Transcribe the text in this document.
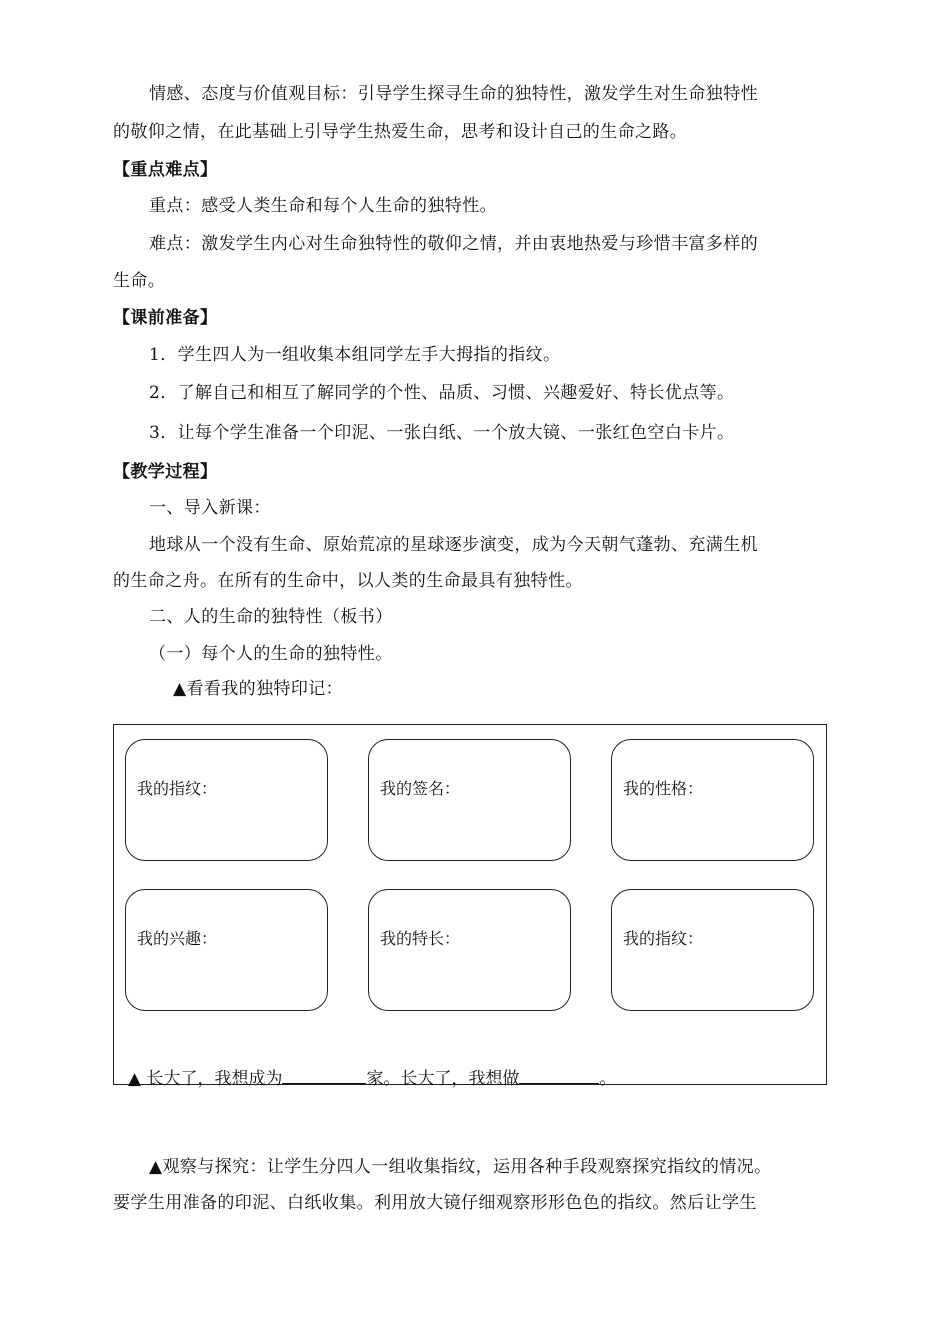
情感、态度与价值观目标：引导学生探寻生命的独特性，激发学生对生命独特性
的敬仰之情，在此基础上引导学生热爱生命，思考和设计自己的生命之路。
【重点难点】
重点：感受人类生命和每个人生命的独特性。
难点：激发学生内心对生命独特性的敬仰之情，并由衷地热爱与珍惜丰富多样的
生命。
【课前准备】
1．学生四人为一组收集本组同学左手大拇指的指纹。
2．了解自己和相互了解同学的个性、品质、习惯、兴趣爱好、特长优点等。
3．让每个学生准备一个印泥、一张白纸、一个放大镜、一张红色空白卡片。
【教学过程】
一、导入新课：
地球从一个没有生命、原始荒凉的星球逐步演变，成为今天朝气蓬勃、充满生机
的生命之舟。在所有的生命中，以人类的生命最具有独特性。
二、人的生命的独特性（板书）
（一）每个人的生命的独特性。
▲看看我的独特印记：
我的指纹：	我的签名：	我的性格：
我的兴趣：	我的特长：	我的指纹：
▲ 长大了，我想成为	家。长大了，我想做	。
▲观察与探究：让学生分四人一组收集指纹，运用各种手段观察探究指纹的情况。
要学生用准备的印泥、白纸收集。利用放大镜仔细观察形形色色的指纹。然后让学生
